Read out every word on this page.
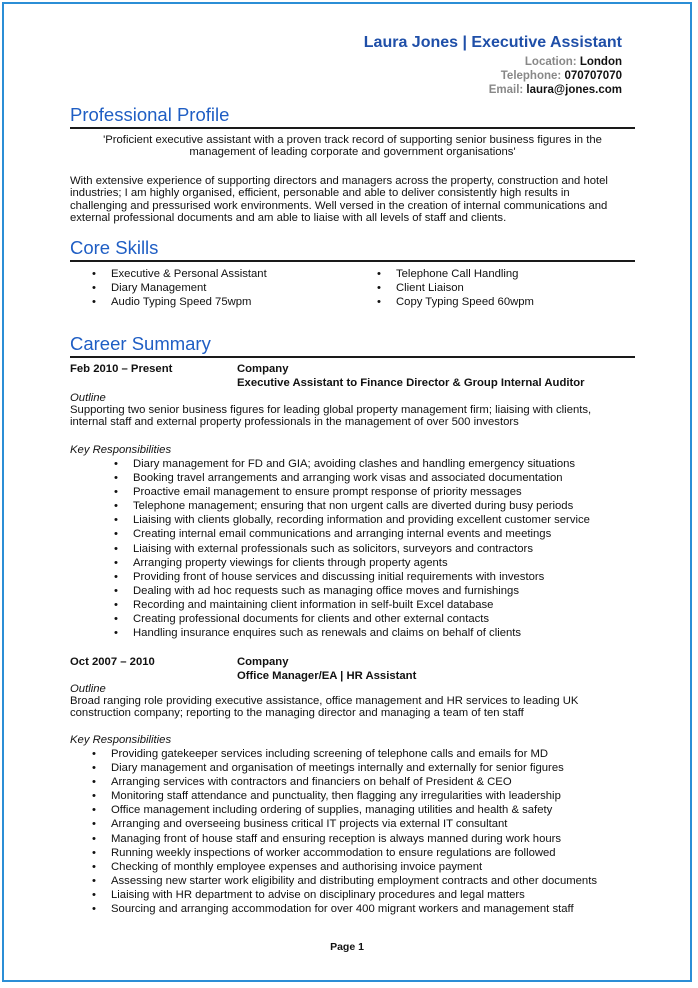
Laura Jones | Executive Assistant
Location: London
Telephone: 070707070
Email: laura@jones.com
Professional Profile
'Proficient executive assistant with a proven track record of supporting senior business figures in the
management of leading corporate and government organisations'
With extensive experience of supporting directors and managers across the property, construction and hotel
industries; I am highly organised, efficient, personable and able to deliver consistently high results in
challenging and pressurised work environments. Well versed in the creation of internal communications and
external professional documents and am able to liaise with all levels of staff and clients.
Core Skills
• Executive & Personal Assistant
• Diary Management
• Audio Typing Speed 75wpm
• Telephone Call Handling
• Client Liaison
• Copy Typing Speed 60wpm
Career Summary
Feb 2010 – Present	Company
Executive Assistant to Finance Director & Group Internal Auditor
Outline
Supporting two senior business figures for leading global property management firm; liaising with clients,
internal staff and external property professionals in the management of over 500 investors
Key Responsibilities
• Diary management for FD and GIA; avoiding clashes and handling emergency situations
• Booking travel arrangements and arranging work visas and associated documentation
• Proactive email management to ensure prompt response of priority messages
• Telephone management; ensuring that non urgent calls are diverted during busy periods
• Liaising with clients globally, recording information and providing excellent customer service
• Creating internal email communications and arranging internal events and meetings
• Liaising with external professionals such as solicitors, surveyors and contractors
• Arranging property viewings for clients through property agents
• Providing front of house services and discussing initial requirements with investors
• Dealing with ad hoc requests such as managing office moves and furnishings
• Recording and maintaining client information in self-built Excel database
• Creating professional documents for clients and other external contacts
• Handling insurance enquires such as renewals and claims on behalf of clients
Oct 2007 – 2010	Company
Office Manager/EA | HR Assistant
Outline
Broad ranging role providing executive assistance, office management and HR services to leading UK
construction company; reporting to the managing director and managing a team of ten staff
Key Responsibilities
• Providing gatekeeper services including screening of telephone calls and emails for MD
• Diary management and organisation of meetings internally and externally for senior figures
• Arranging services with contractors and financiers on behalf of President & CEO
• Monitoring staff attendance and punctuality, then flagging any irregularities with leadership
• Office management including ordering of supplies, managing utilities and health & safety
• Arranging and overseeing business critical IT projects via external IT consultant
• Managing front of house staff and ensuring reception is always manned during work hours
• Running weekly inspections of worker accommodation to ensure regulations are followed
• Checking of monthly employee expenses and authorising invoice payment
• Assessing new starter work eligibility and distributing employment contracts and other documents
• Liaising with HR department to advise on disciplinary procedures and legal matters
• Sourcing and arranging accommodation for over 400 migrant workers and management staff
Page 1
